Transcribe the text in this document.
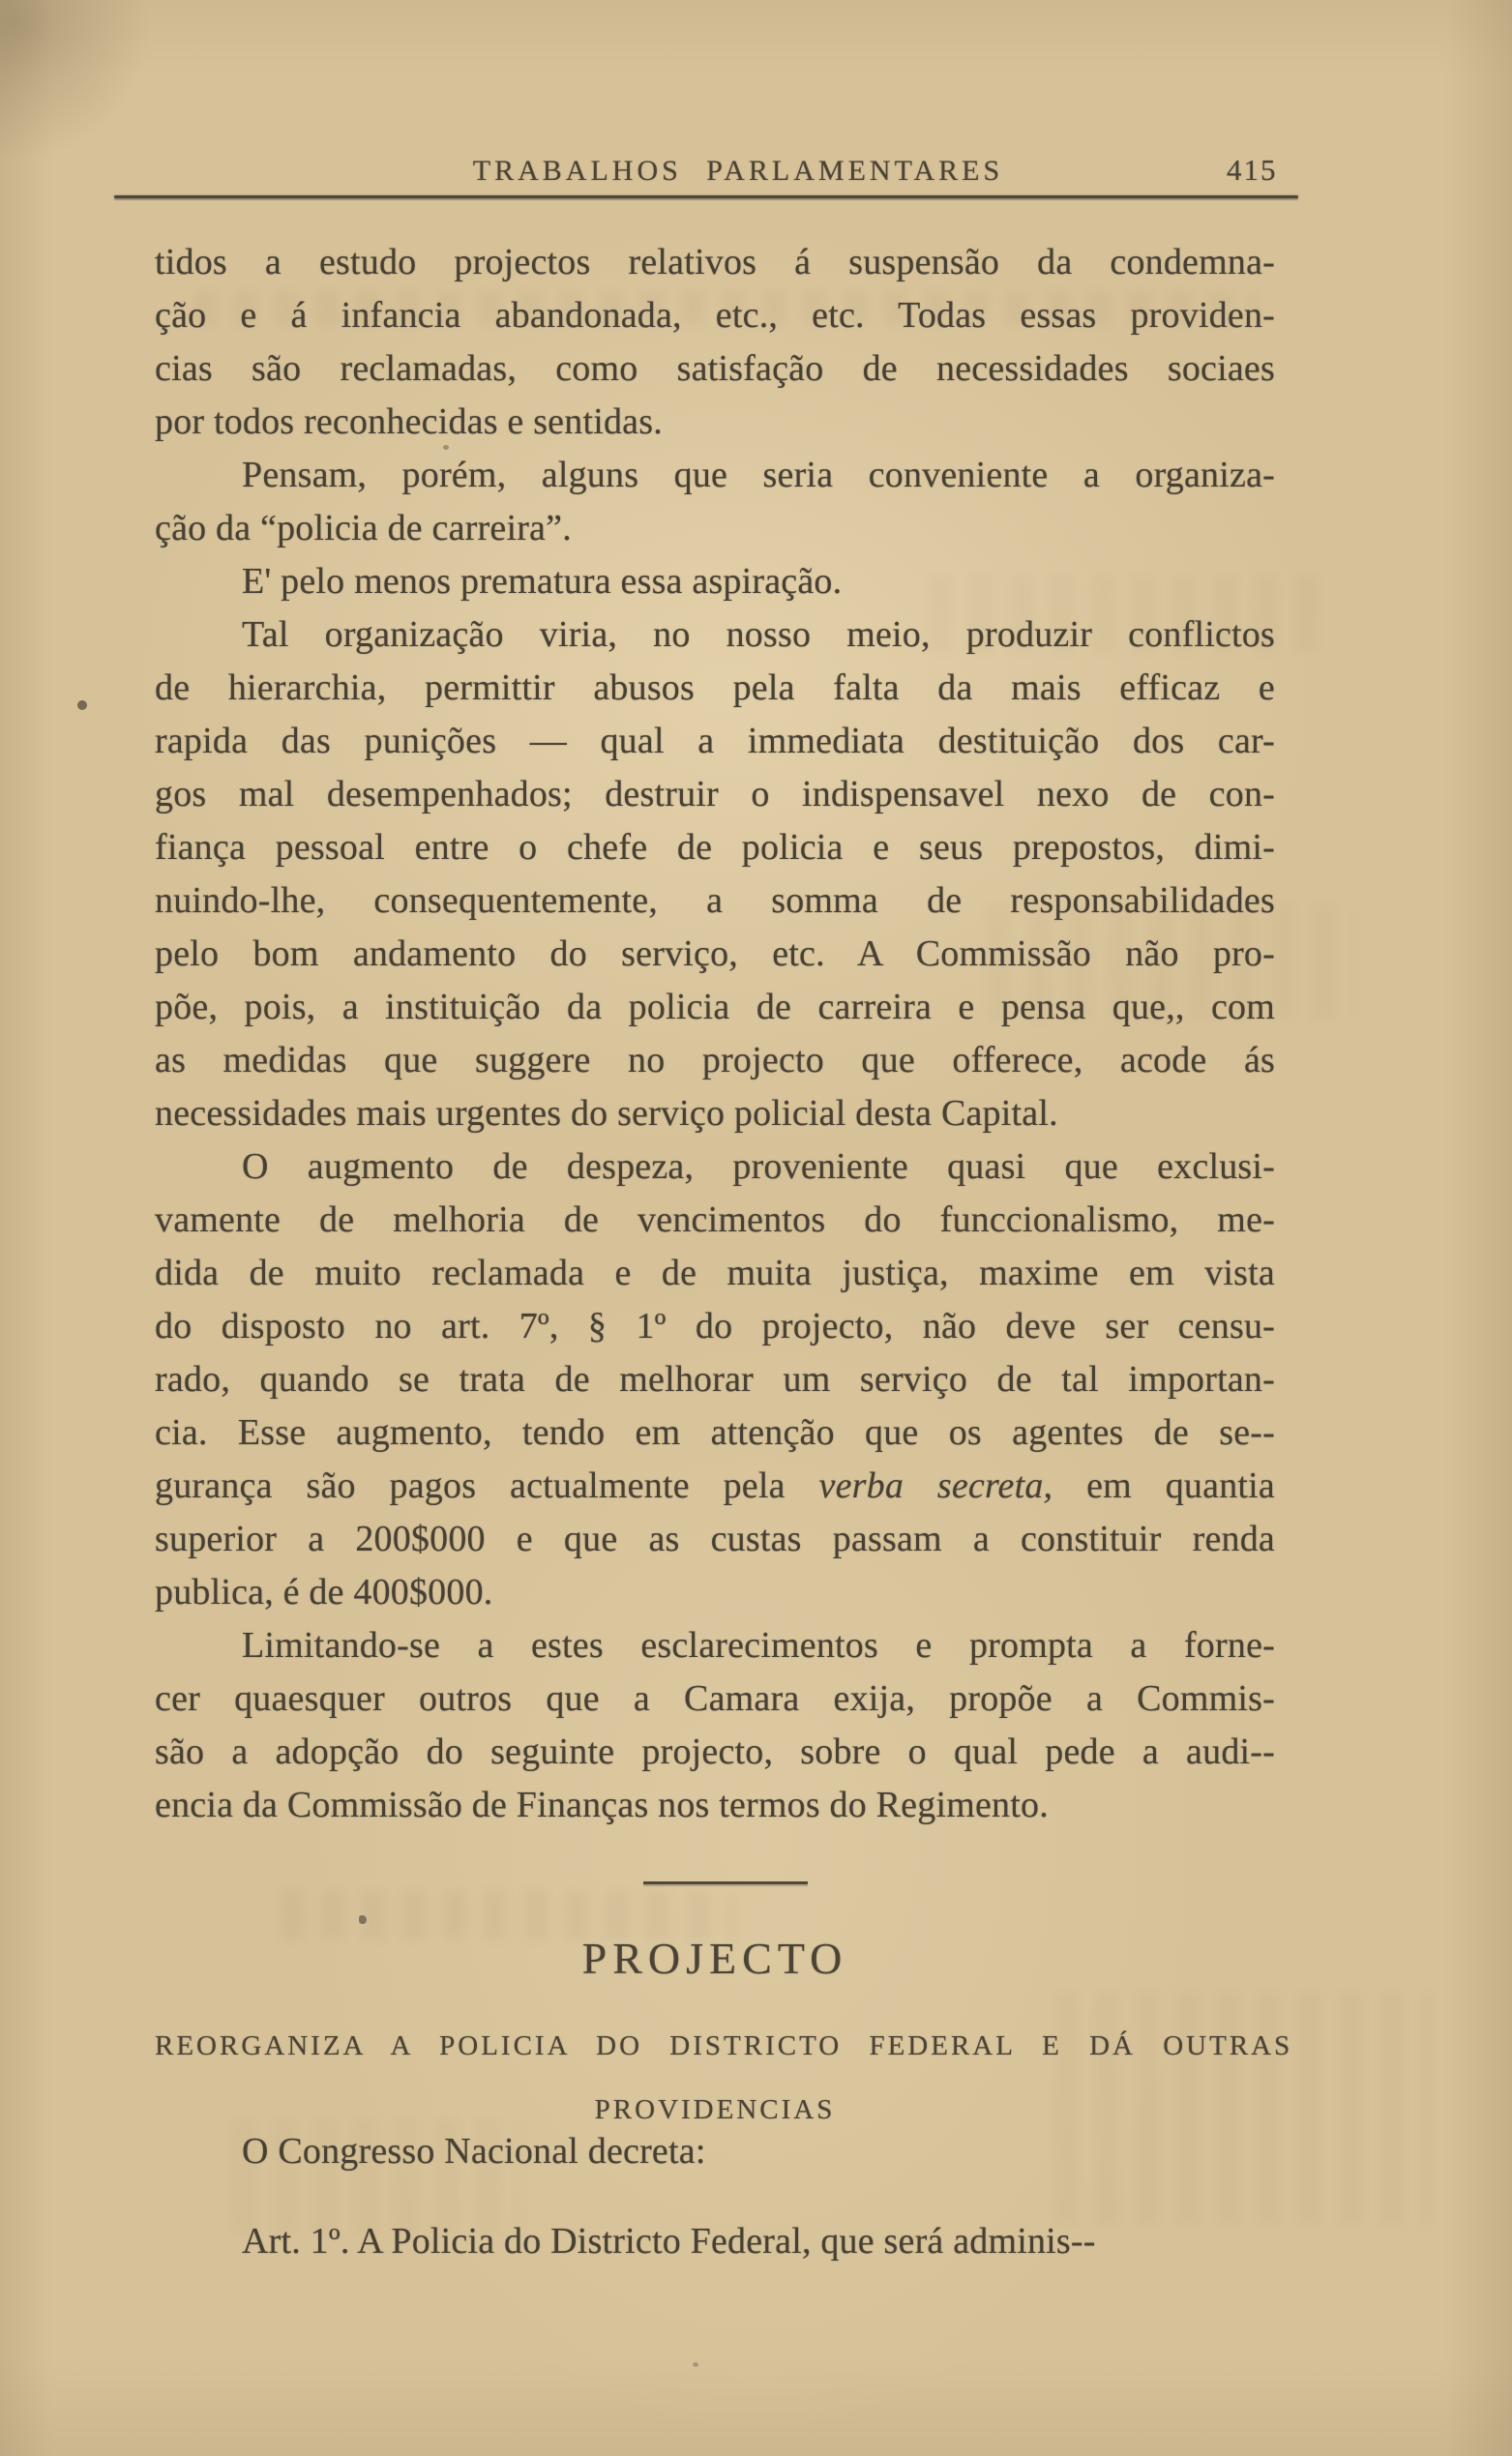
TRABALHOS PARLAMENTARES	415
tidos a estudo projectos relativos á suspensão da condemna-
ção e á infancia abandonada, etc., etc. Todas essas providen-
cias são reclamadas, como satisfação de necessidades sociaes
por todos reconhecidas e sentidas.
Pensam, porém, alguns que seria conveniente a organiza-
ção da “policia de carreira”.
E' pelo menos prematura essa aspiração.
Tal organização viria, no nosso meio, produzir conflictos
de hierarchia, permittir abusos pela falta da mais efficaz e
rapida das punições — qual a immediata destituição dos car-
gos mal desempenhados; destruir o indispensavel nexo de con-
fiança pessoal entre o chefe de policia e seus prepostos, dimi-
nuindo-lhe, consequentemente, a somma de responsabilidades
pelo bom andamento do serviço, etc. A Commissão não pro-
põe, pois, a instituição da policia de carreira e pensa que,, com
as medidas que suggere no projecto que offerece, acode ás
necessidades mais urgentes do serviço policial desta Capital.
O augmento de despeza, proveniente quasi que exclusi-
vamente de melhoria de vencimentos do funccionalismo, me-
dida de muito reclamada e de muita justiça, maxime em vista
do disposto no art. 7º, § 1º do projecto, não deve ser censu-
rado, quando se trata de melhorar um serviço de tal importan-
cia. Esse augmento, tendo em attenção que os agentes de se--
gurança são pagos actualmente pela verba secreta, em quantia
superior a 200$000 e que as custas passam a constituir renda
publica, é de 400$000.
Limitando-se a estes esclarecimentos e prompta a forne-
cer quaesquer outros que a Camara exija, propõe a Commis-
são a adopção do seguinte projecto, sobre o qual pede a audi--
encia da Commissão de Finanças nos termos do Regimento.
PROJECTO
REORGANIZA A POLICIA DO DISTRICTO FEDERAL E DÁ OUTRAS
PROVIDENCIAS
O Congresso Nacional decreta:
Art. 1º. A Policia do Districto Federal, que será adminis--
